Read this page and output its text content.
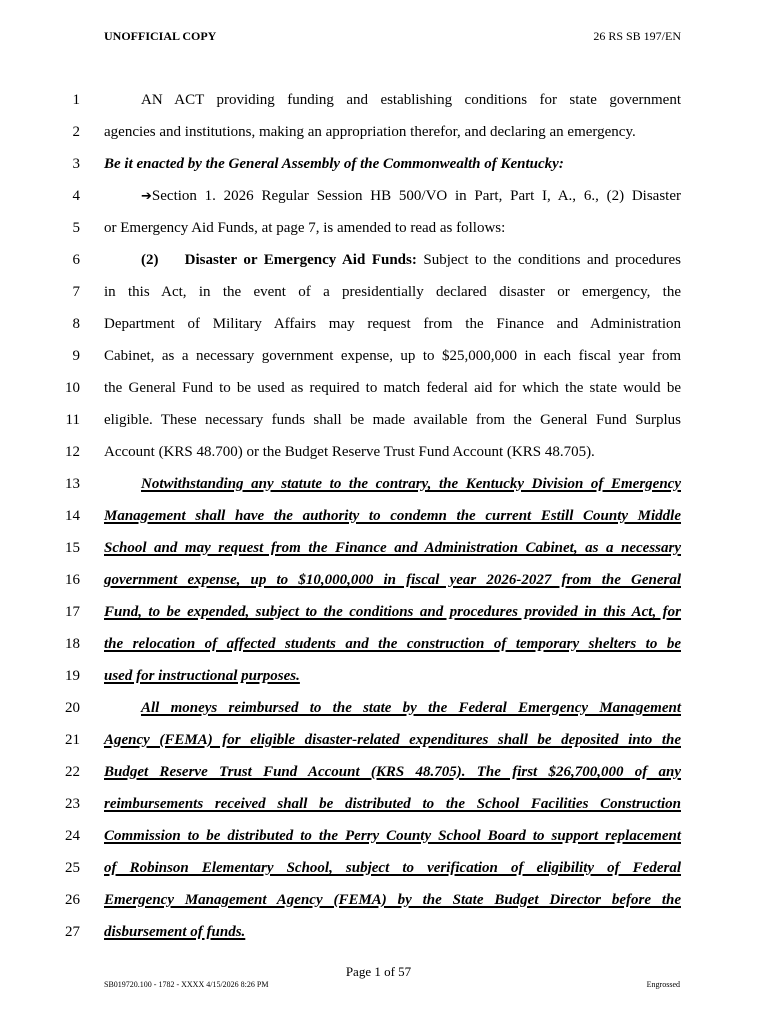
UNOFFICIAL COPY	26 RS SB 197/EN
1	AN ACT providing funding and establishing conditions for state government
2 agencies and institutions, making an appropriation therefor, and declaring an emergency.
3 Be it enacted by the General Assembly of the Commonwealth of Kentucky:
4	➔Section 1. 2026 Regular Session HB 500/VO in Part, Part I, A., 6., (2) Disaster
5 or Emergency Aid Funds, at page 7, is amended to read as follows:
6	(2) Disaster or Emergency Aid Funds: Subject to the conditions and procedures
7 in this Act, in the event of a presidentially declared disaster or emergency, the
8 Department of Military Affairs may request from the Finance and Administration
9 Cabinet, as a necessary government expense, up to $25,000,000 in each fiscal year from
10 the General Fund to be used as required to match federal aid for which the state would be
11 eligible. These necessary funds shall be made available from the General Fund Surplus
12 Account (KRS 48.700) or the Budget Reserve Trust Fund Account (KRS 48.705).
13	Notwithstanding any statute to the contrary, the Kentucky Division of Emergency
14 Management shall have the authority to condemn the current Estill County Middle
15 School and may request from the Finance and Administration Cabinet, as a necessary
16 government expense, up to $10,000,000 in fiscal year 2026-2027 from the General
17 Fund, to be expended, subject to the conditions and procedures provided in this Act, for
18 the relocation of affected students and the construction of temporary shelters to be
19 used for instructional purposes.
20	All moneys reimbursed to the state by the Federal Emergency Management
21 Agency (FEMA) for eligible disaster-related expenditures shall be deposited into the
22 Budget Reserve Trust Fund Account (KRS 48.705). The first $26,700,000 of any
23 reimbursements received shall be distributed to the School Facilities Construction
24 Commission to be distributed to the Perry County School Board to support replacement
25 of Robinson Elementary School, subject to verification of eligibility of Federal
26 Emergency Management Agency (FEMA) by the State Budget Director before the
27 disbursement of funds.
Page 1 of 57
SB019720.100 - 1782 - XXXX 4/15/2026 8:26 PM	Engrossed
